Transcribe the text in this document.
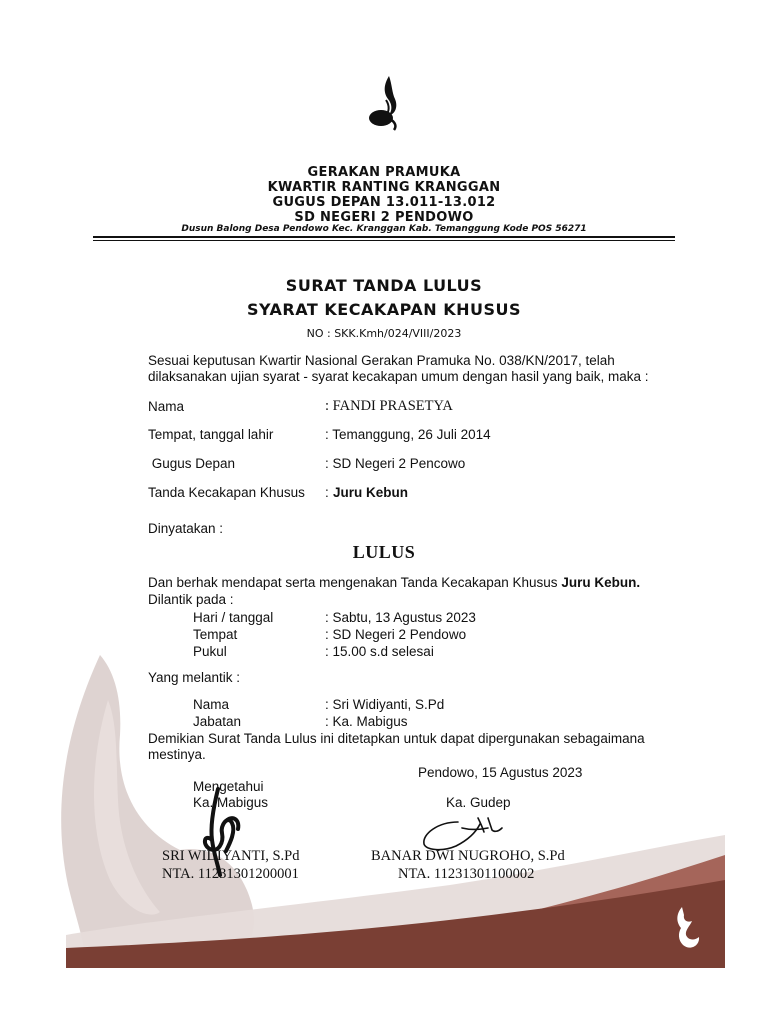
GERAKAN PRAMUKA
KWARTIR RANTING KRANGGAN
GUGUS DEPAN 13.011-13.012
SD NEGERI 2 PENDOWO
Dusun Balong Desa Pendowo Kec. Kranggan Kab. Temanggung Kode POS 56271
SURAT TANDA LULUS
SYARAT KECAKAPAN KHUSUS
NO : SKK.Kmh/024/VIII/2023
Sesuai keputusan Kwartir Nasional Gerakan Pramuka No. 038/KN/2017, telah
dilaksanakan ujian syarat - syarat kecakapan umum dengan hasil yang baik, maka :
Nama	: FANDI PRASETYA
Tempat, tanggal lahir	: Temanggung, 26 Juli 2014
Gugus Depan	: SD Negeri 2 Pencowo
Tanda Kecakapan Khusus : Juru Kebun
Dinyatakan :
LULUS
Dan berhak mendapat serta mengenakan Tanda Kecakapan Khusus Juru Kebun.
Dilantik pada :
Hari / tanggal	: Sabtu, 13 Agustus 2023
Tempat	: SD Negeri 2 Pendowo
Pukul	: 15.00 s.d selesai
Yang melantik :
Nama	: Sri Widiyanti, S.Pd
Jabatan	: Ka. Mabigus
Demikian Surat Tanda Lulus ini ditetapkan untuk dapat dipergunakan sebagaimana
mestinya.
Pendowo, 15 Agustus 2023
Mengetahui
Ka. Mabigus	Ka. Gudep
SRI WIDIYANTI, S.Pd
NTA. 11231301200001
BANAR DWI NUGROHO, S.Pd
NTA. 11231301100002
